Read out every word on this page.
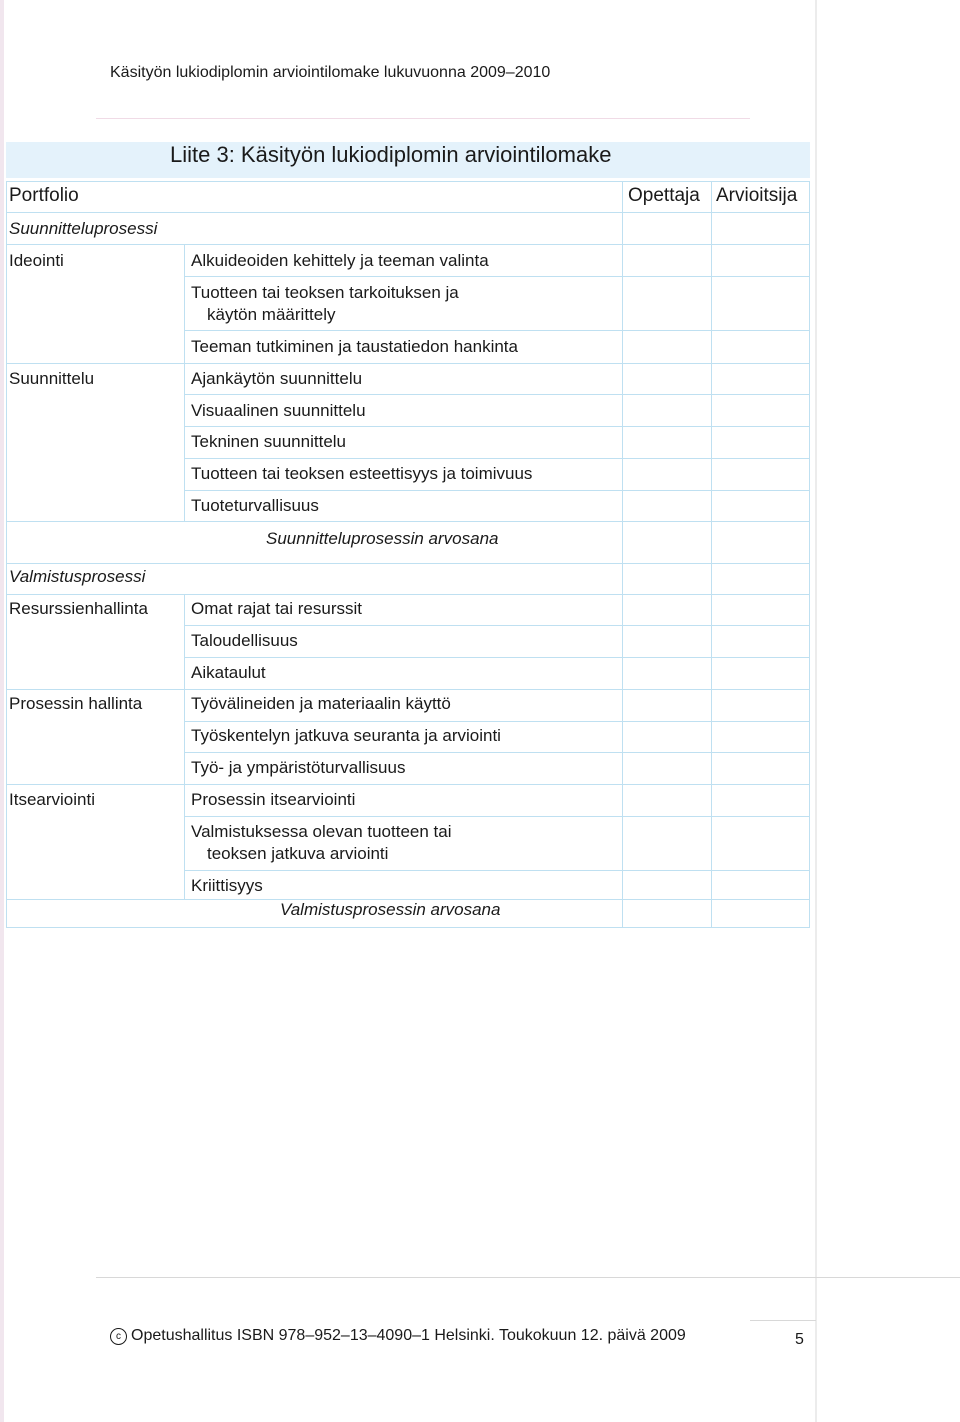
Käsityön lukiodiplomin arviointilomake lukuvuonna 2009–2010
Liite 3: Käsityön lukiodiplomin arviointilomake
Portfolio	Opettaja Arvioitsija
Suunnitteluprosessi
Ideointi
Suunnittelu
Valmistusprosessi
Resurssienhallinta
Prosessin hallinta
Itsearviointi
Alkuideoiden kehittely ja teeman valinta
Tuotteen tai teoksen tarkoituksen ja
käytön määrittely
Teeman tutkiminen ja taustatiedon hankinta
Ajankäytön suunnittelu
Visuaalinen suunnittelu
Tekninen suunnittelu
Tuotteen tai teoksen esteettisyys ja toimivuus
Tuoteturvallisuus
Suunnitteluprosessin arvosana
Omat rajat tai resurssit
Taloudellisuus
Aikataulut
Työvälineiden ja materiaalin käyttö
Työskentelyn jatkuva seuranta ja arviointi
Työ- ja ympäristöturvallisuus
Prosessin itsearviointi
Valmistuksessa olevan tuotteen tai
teoksen jatkuva arviointi
Kriittisyys
Valmistusprosessin arvosana
c Opetushallitus ISBN 978–952–13–4090–1 Helsinki. Toukokuun 12. päivä 2009	5
